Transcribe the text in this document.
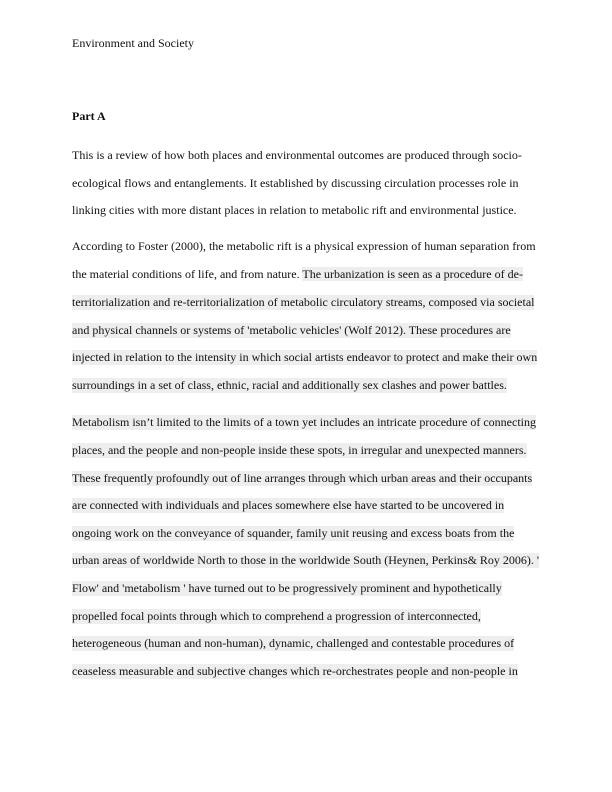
Environment and Society
Part A
This is a review of how both places and environmental outcomes are produced through socio-
ecological flows and entanglements. It established by discussing circulation processes role in
linking cities with more distant places in relation to metabolic rift and environmental justice.
According to Foster (2000), the metabolic rift is a physical expression of human separation from
the material conditions of life, and from nature. The urbanization is seen as a procedure of de-
territorialization and re-territorialization of metabolic circulatory streams, composed via societal
and physical channels or systems of 'metabolic vehicles' (Wolf 2012). These procedures are
injected in relation to the intensity in which social artists endeavor to protect and make their own
surroundings in a set of class, ethnic, racial and additionally sex clashes and power battles.
Metabolism isn’t limited to the limits of a town yet includes an intricate procedure of connecting
places, and the people and non-people inside these spots, in irregular and unexpected manners.
These frequently profoundly out of line arranges through which urban areas and their occupants
are connected with individuals and places somewhere else have started to be uncovered in
ongoing work on the conveyance of squander, family unit reusing and excess boats from the
urban areas of worldwide North to those in the worldwide South (Heynen, Perkins& Roy 2006). '
Flow' and 'metabolism ' have turned out to be progressively prominent and hypothetically
propelled focal points through which to comprehend a progression of interconnected,
heterogeneous (human and non-human), dynamic, challenged and contestable procedures of
ceaseless measurable and subjective changes which re-orchestrates people and non-people in
